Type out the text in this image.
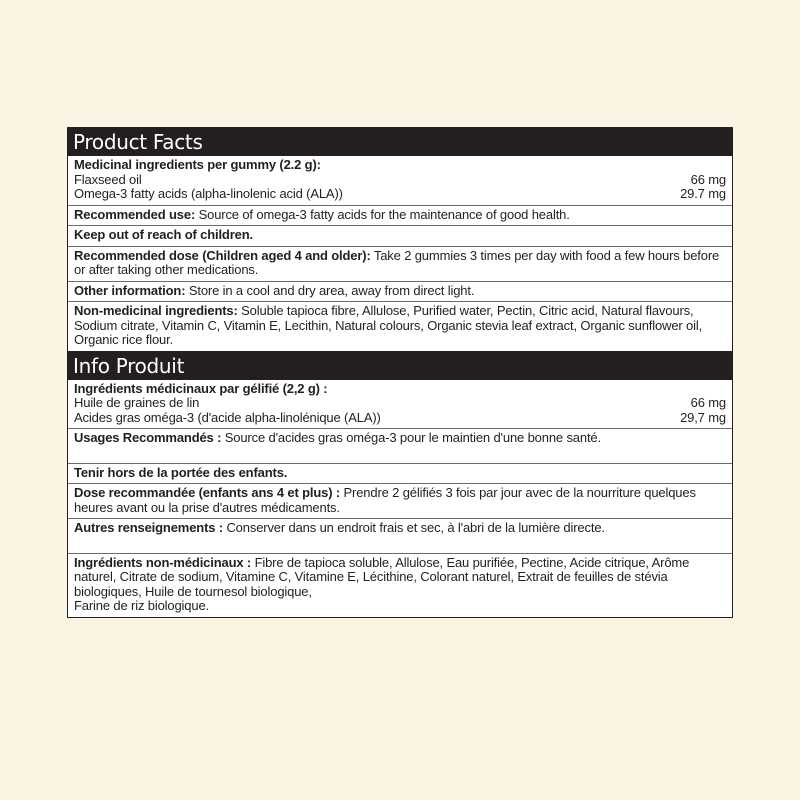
Product Facts
Medicinal ingredients per gummy (2.2 g):
Flaxseed oil	66 mg
Omega-3 fatty acids (alpha-linolenic acid (ALA))	29.7 mg
Recommended use: Source of omega-3 fatty acids for the maintenance of good health.
Keep out of reach of children.
Recommended dose (Children aged 4 and older): Take 2 gummies 3 times per day with food a few hours before or after taking other medications.
Other information: Store in a cool and dry area, away from direct light.
Non-medicinal ingredients: Soluble tapioca fibre, Allulose, Purified water, Pectin, Citric acid, Natural flavours, Sodium citrate, Vitamin C, Vitamin E, Lecithin, Natural colours, Organic stevia leaf extract, Organic sunflower oil, Organic rice flour.
Info Produit
Ingrédients médicinaux par gélifié (2,2 g) :
Huile de graines de lin	66 mg
Acides gras oméga-3 (d'acide alpha-linolénique (ALA))	29,7 mg
Usages Recommandés : Source d'acides gras oméga-3 pour le maintien d'une bonne santé.
Tenir hors de la portée des enfants.
Dose recommandée (enfants ans 4 et plus) : Prendre 2 gélifiés 3 fois par jour avec de la nourriture quelques heures avant ou la prise d'autres médicaments.
Autres renseignements : Conserver dans un endroit frais et sec, à l'abri de la lumière directe.
Ingrédients non-médicinaux : Fibre de tapioca soluble, Allulose, Eau purifiée, Pectine, Acide citrique, Arôme naturel, Citrate de sodium, Vitamine C, Vitamine E, Lécithine, Colorant naturel, Extrait de feuilles de stévia biologiques, Huile de tournesol biologique,
Farine de riz biologique.
